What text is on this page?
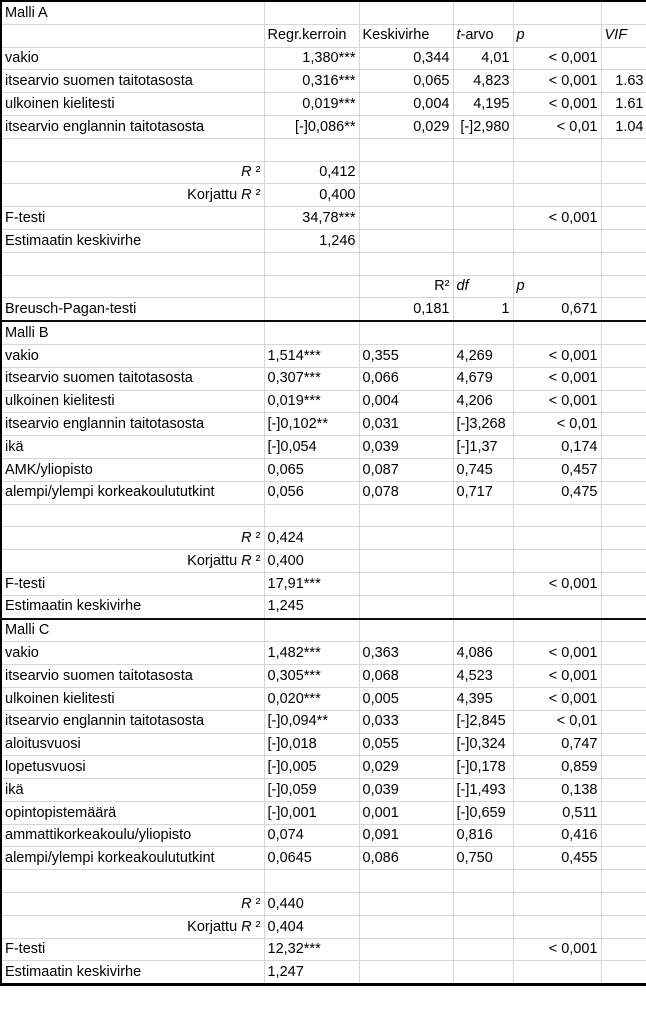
Malli A					
	Regr.kerroin	Keskivirhe	t-arvo	p	VIF
vakio	1,380***	0,344	4,01	< 0,001	
itsearvio suomen taitotasosta	0,316***	0,065	4,823	< 0,001	1.63
ulkoinen kielitesti	0,019***	0,004	4,195	< 0,001	1.61
itsearvio englannin taitotasosta	[-]0,086**	0,029	[-]2,980	< 0,01	1.04

R ²	0,412				
Korjattu R ²	0,400				
F-testi	34,78***			< 0,001	
Estimaatin keskivirhe	1,246				

		R²	df	p	
Breusch-Pagan-testi		0,181	1	0,671	
Malli B					
vakio	1,514***	0,355	4,269	< 0,001	
itsearvio suomen taitotasosta	0,307***	0,066	4,679	< 0,001	
ulkoinen kielitesti	0,019***	0,004	4,206	< 0,001	
itsearvio englannin taitotasosta	[-]0,102**	0,031	[-]3,268	< 0,01	
ikä	[-]0,054	0,039	[-]1,37	0,174	
AMK/yliopisto	0,065	0,087	0,745	0,457	
alempi/ylempi korkeakoulututkint	0,056	0,078	0,717	0,475	

R ²	0,424				
Korjattu R ²	0,400				
F-testi	17,91***			< 0,001	
Estimaatin keskivirhe	1,245				
Malli C					
vakio	1,482***	0,363	4,086	< 0,001	
itsearvio suomen taitotasosta	0,305***	0,068	4,523	< 0,001	
ulkoinen kielitesti	0,020***	0,005	4,395	< 0,001	
itsearvio englannin taitotasosta	[-]0,094**	0,033	[-]2,845	< 0,01	
aloitusvuosi	[-]0,018	0,055	[-]0,324	0,747	
lopetusvuosi	[-]0,005	0,029	[-]0,178	0,859	
ikä	[-]0,059	0,039	[-]1,493	0,138	
opintopistemäärä	[-]0,001	0,001	[-]0,659	0,511	
ammattikorkeakoulu/yliopisto	0,074	0,091	0,816	0,416	
alempi/ylempi korkeakoulututkint	0,0645	0,086	0,750	0,455	

R ²	0,440				
Korjattu R ²	0,404				
F-testi	12,32***			< 0,001	
Estimaatin keskivirhe	1,247				
